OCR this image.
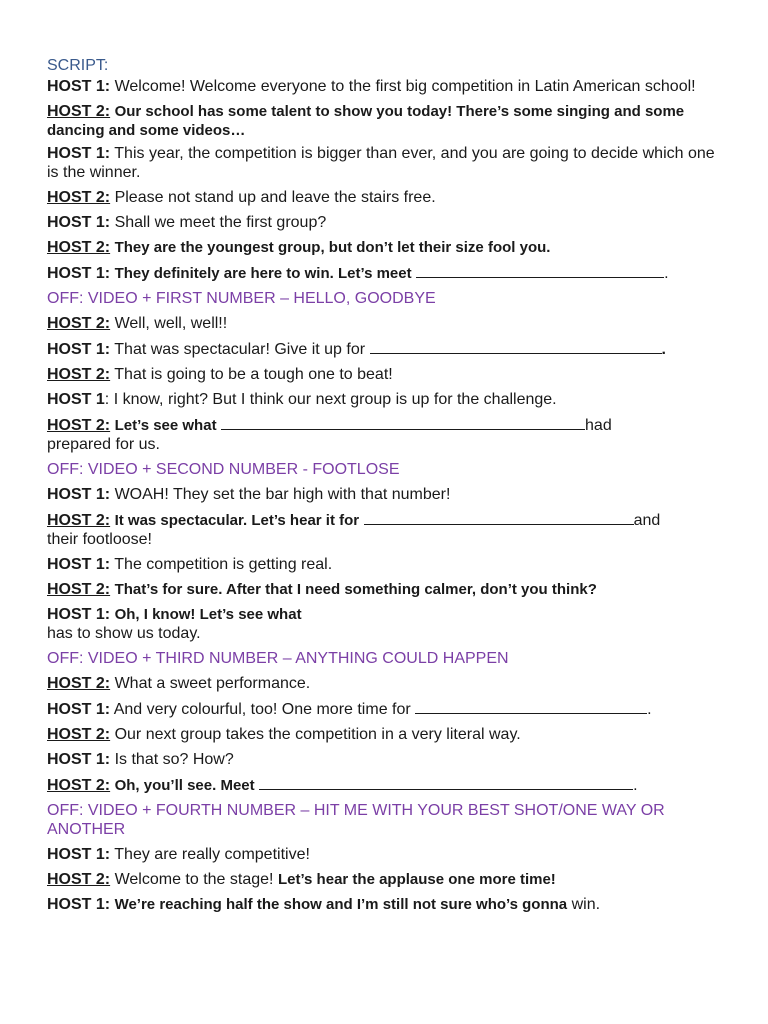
SCRIPT:
HOST 1: Welcome! Welcome everyone to the first big competition in Latin American school!
HOST 2: Our school has some talent to show you today! There’s some singing and some dancing and some videos…
HOST 1: This year, the competition is bigger than ever, and you are going to decide which one is the winner.
HOST 2: Please not stand up and leave the stairs free.
HOST 1: Shall we meet the first group?
HOST 2: They are the youngest group, but don’t let their size fool you.
HOST 1: They definitely are here to win. Let’s meet	.
OFF: VIDEO + FIRST NUMBER – HELLO, GOODBYE
HOST 2: Well, well, well!!
HOST 1: That was spectacular! Give it up for	.
HOST 2: That is going to be a tough one to beat!
HOST 1: I know, right? But I think our next group is up for the challenge.
HOST 2: Let’s see what	had
prepared for us.
OFF: VIDEO + SECOND NUMBER - FOOTLOSE
HOST 1: WOAH! They set the bar high with that number!
HOST 2: It was spectacular. Let’s hear it for	and
their footloose!
HOST 1: The competition is getting real.
HOST 2: That’s for sure. After that I need something calmer, don’t you think?
HOST 1: Oh, I know! Let’s see what
has to show us today.
OFF: VIDEO + THIRD NUMBER – ANYTHING COULD HAPPEN
HOST 2: What a sweet performance.
HOST 1: And very colourful, too! One more time for	.
HOST 2: Our next group takes the competition in a very literal way.
HOST 1: Is that so? How?
HOST 2: Oh, you’ll see. Meet	.
OFF: VIDEO + FOURTH NUMBER – HIT ME WITH YOUR BEST SHOT/ONE WAY OR ANOTHER
HOST 1: They are really competitive!
HOST 2: Welcome to the stage! Let’s hear the applause one more time!
HOST 1: We’re reaching half the show and I’m still not sure who’s gonna win.
